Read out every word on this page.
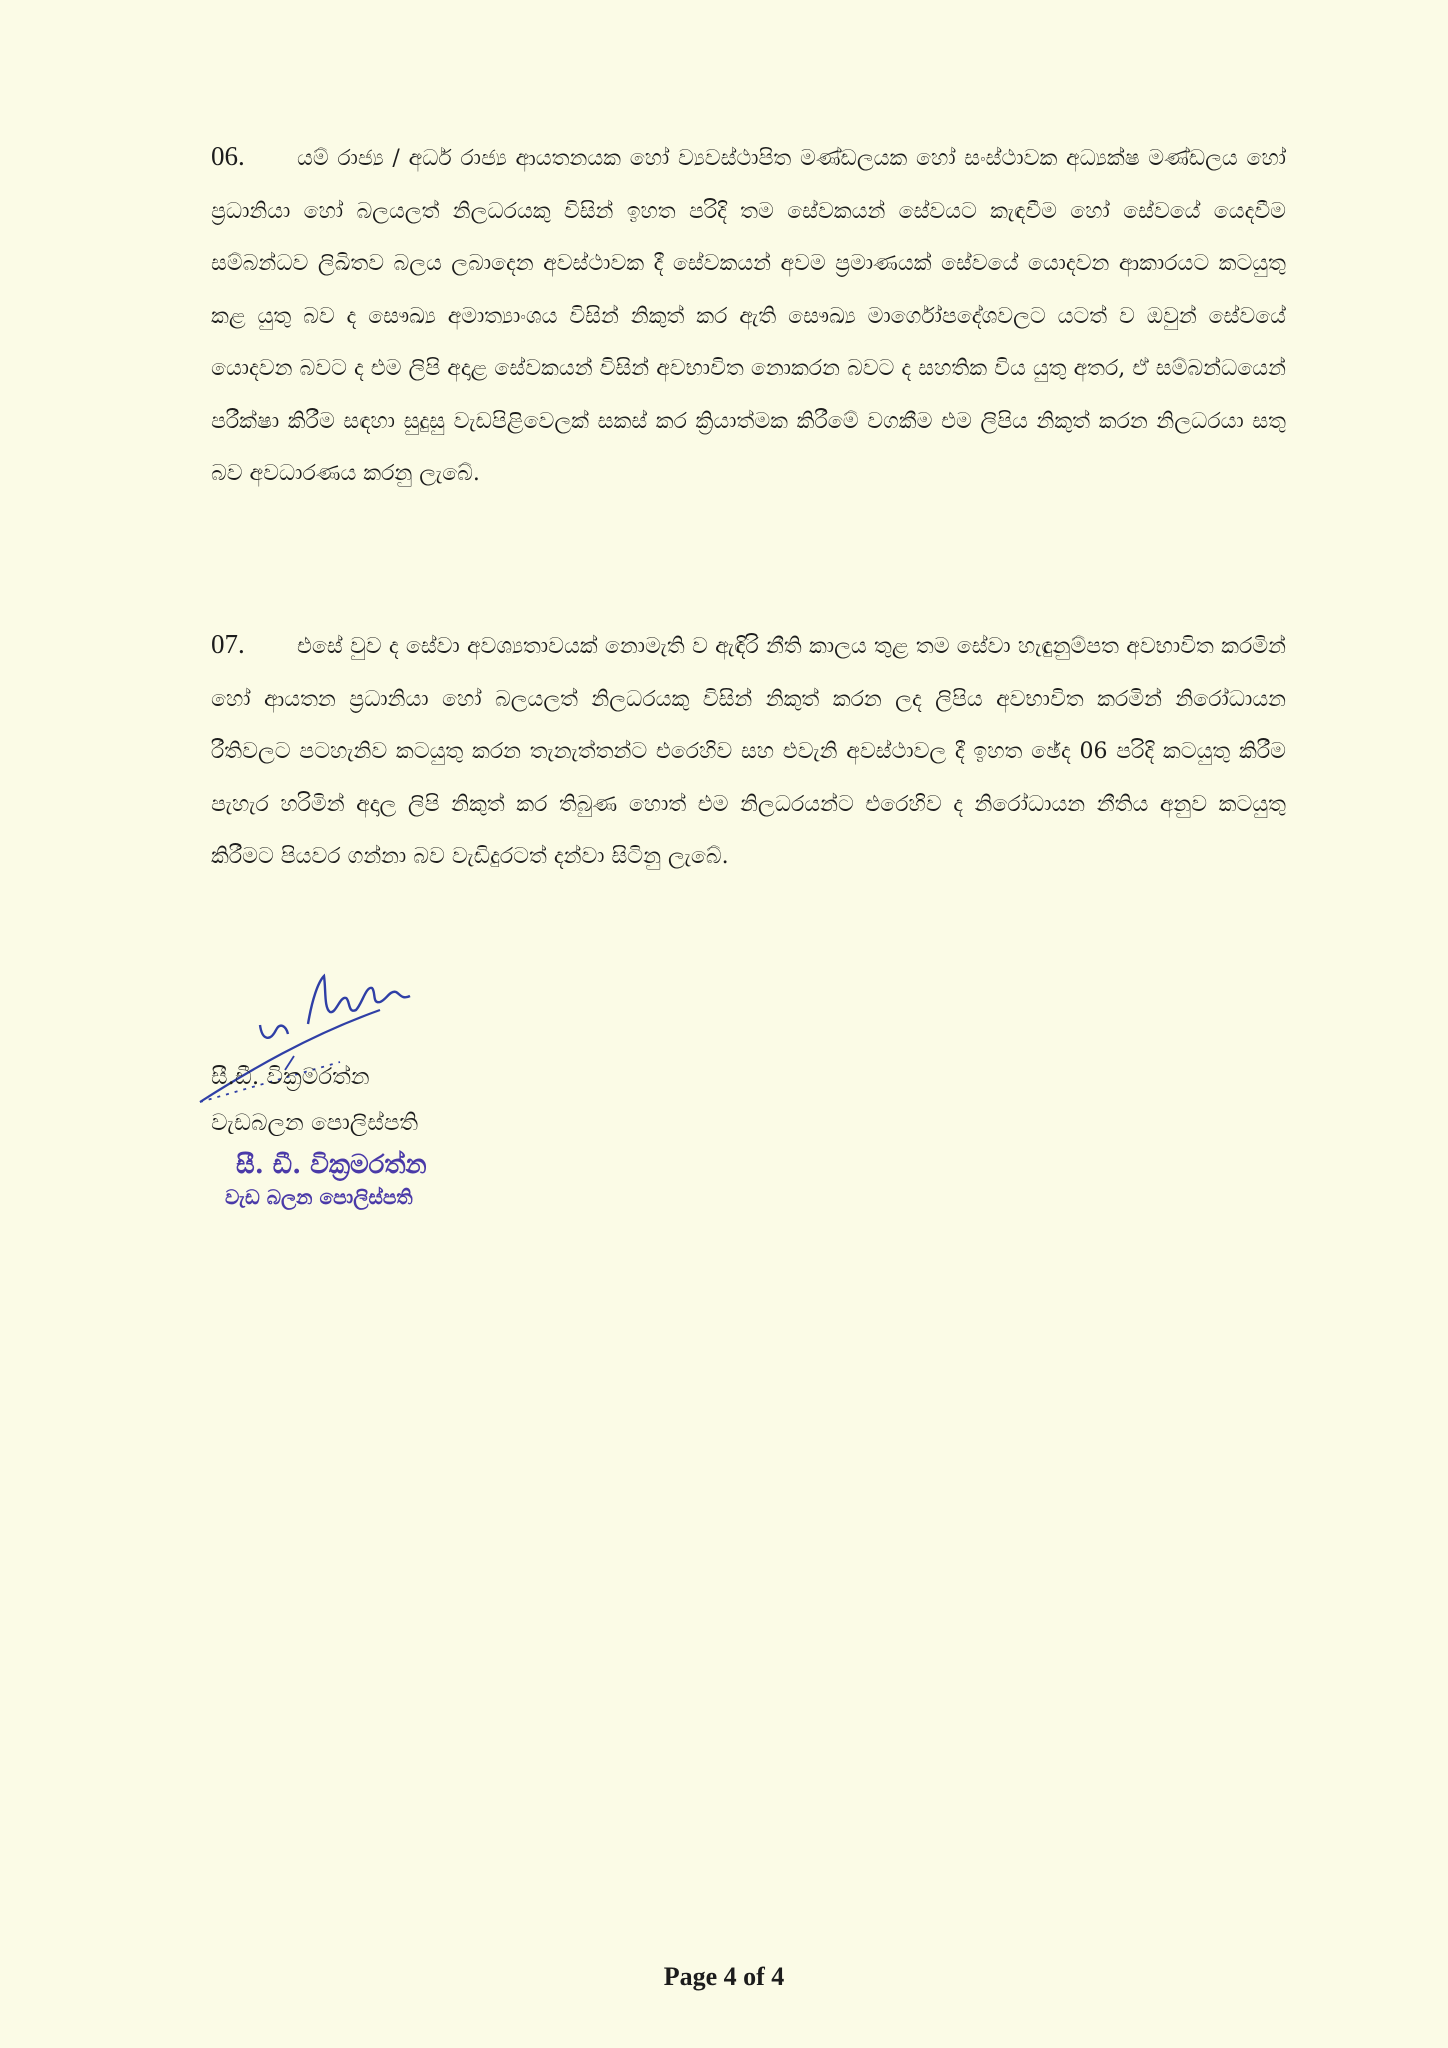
06. යම් රාජ්‍ය / අර්ධ රාජ්‍ය ආයතනයක හෝ ව්‍යවස්ථාපිත මණ්ඩලයක හෝ සංස්ථාවක අධ්‍යක්ෂ මණ්ඩලය හෝ ප්‍රධානියා හෝ බලයලත් නිලධරයකු විසින් ඉහත පරිදි තම සේවකයන් සේවයට කැඳවීම හෝ සේවයේ යෙදවීම සම්බන්ධව ලිඛිතව බලය ලබාදෙන අවස්ථාවක දී සේවකයන් අවම ප්‍රමාණයක් සේවයේ යොදවන ආකාරයට කටයුතු කළ යුතු බව ද සෞඛ්‍ය අමාත්‍යාංශය විසින් නිකුත් කර ඇති සෞඛ්‍ය මාර්ගෝපදේශවලට යටත් ව ඔවුන් සේවයේ යොදවන බවට ද එම ලිපි අදාළ සේවකයන් විසින් අවභාවිත නොකරන බවට ද සහතික විය යුතු අතර, ඒ සම්බන්ධයෙන් පරීක්ෂා කිරීම සඳහා සුදුසු වැඩපිළිවෙලක් සකස් කර ක්‍රියාත්මක කිරීමේ වගකීම එම ලිපිය නිකුත් කරන නිලධරයා සතු බව අවධාරණය කරනු ලැබේ.
07. එසේ වුව ද සේවා අවශ්‍යතාවයක් නොමැති ව ඇඳිරි නීති කාලය තුළ තම සේවා හැඳුනුම්පත අවභාවිත කරමින් හෝ ආයතන ප්‍රධානියා හෝ බලයලත් නිලධරයකු විසින් නිකුත් කරන ලද ලිපිය අවභාවිත කරමින් නිරෝධායන රීතිවලට පටහැනිව කටයුතු කරන තැනැත්තන්ට එරෙහිව සහ එවැනි අවස්ථාවල දී ඉහත ඡේද 06 පරිදි කටයුතු කිරීම පැහැර හරිමින් අදාල ලිපි නිකුත් කර තිබුණ හොත් එම නිලධරයන්ට එරෙහිව ද නිරෝධායන නීතිය අනුව කටයුතු කිරීමට පියවර ගන්නා බව වැඩිදුරටත් දන්වා සිටිනු ලැබේ.
සී.ඩී. වික්‍රමරත්න
වැඩබලන පොලිස්පති
සී. ඩී. වික්‍රමරත්න
වැඩ බලන පොලිස්පති
Page 4 of 4
